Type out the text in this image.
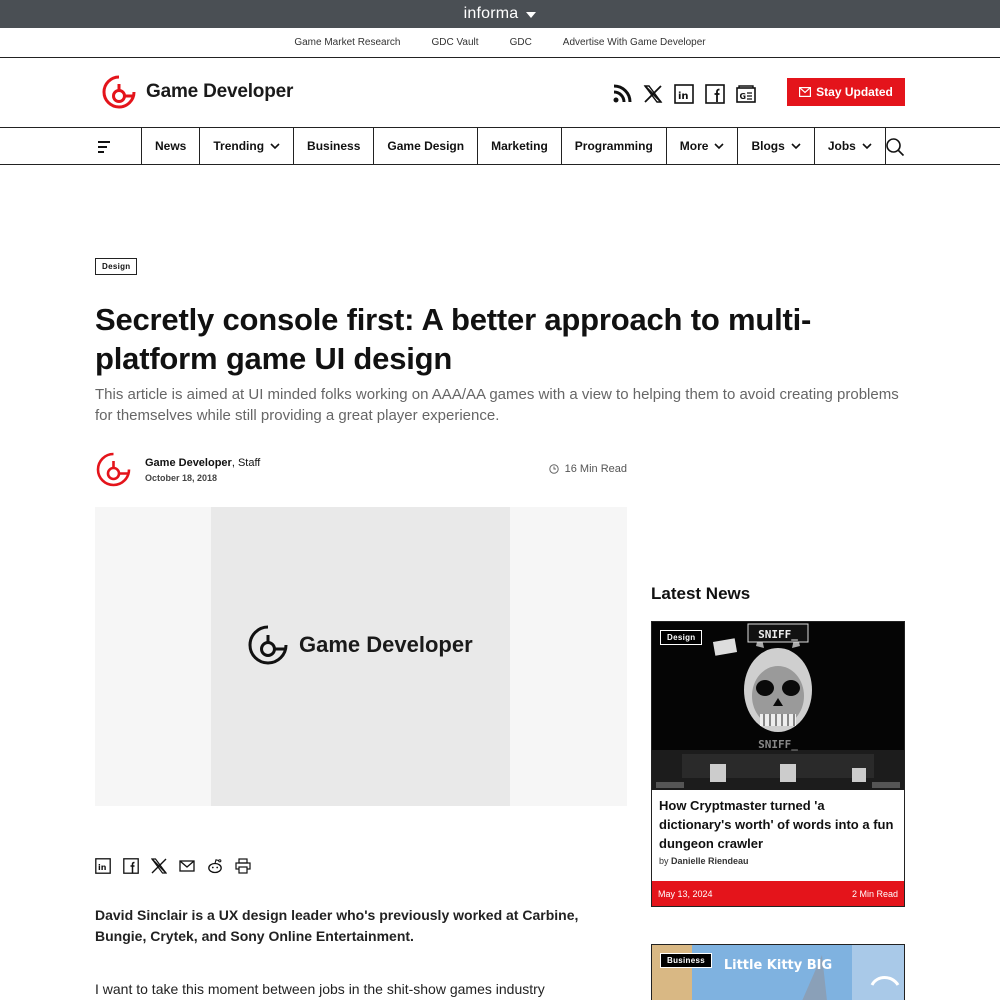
informa
Game Market Research	GDC Vault	GDC	Advertise With Game Developer
Game Developer	in	G	Stay Updated
News Trending	Business Game Design Marketing Programming More	Blogs	Jobs
Design
Secretly console first: A better approach to multi-platform game UI design

This article is aimed at UI minded folks working on AAA/AA games with a view to helping them to avoid creating problems for themselves while still providing a great player experience.

Game Developer, Staff
October 18, 2018
16 Min Read
Game Developer
in

David Sinclair is a UX design leader who's previously worked at Carbine, Bungie, Crytek, and Sony Online Entertainment.

I want to take this moment between jobs in the shit-show games industry

Latest News
SNIFF_
SNIFF_
Design
How Cryptmaster turned 'a dictionary's worth' of words into a fun dungeon crawler
by Danielle Riendeau
May 13, 2024	2 Min Read
Little Kitty BIG
Business
